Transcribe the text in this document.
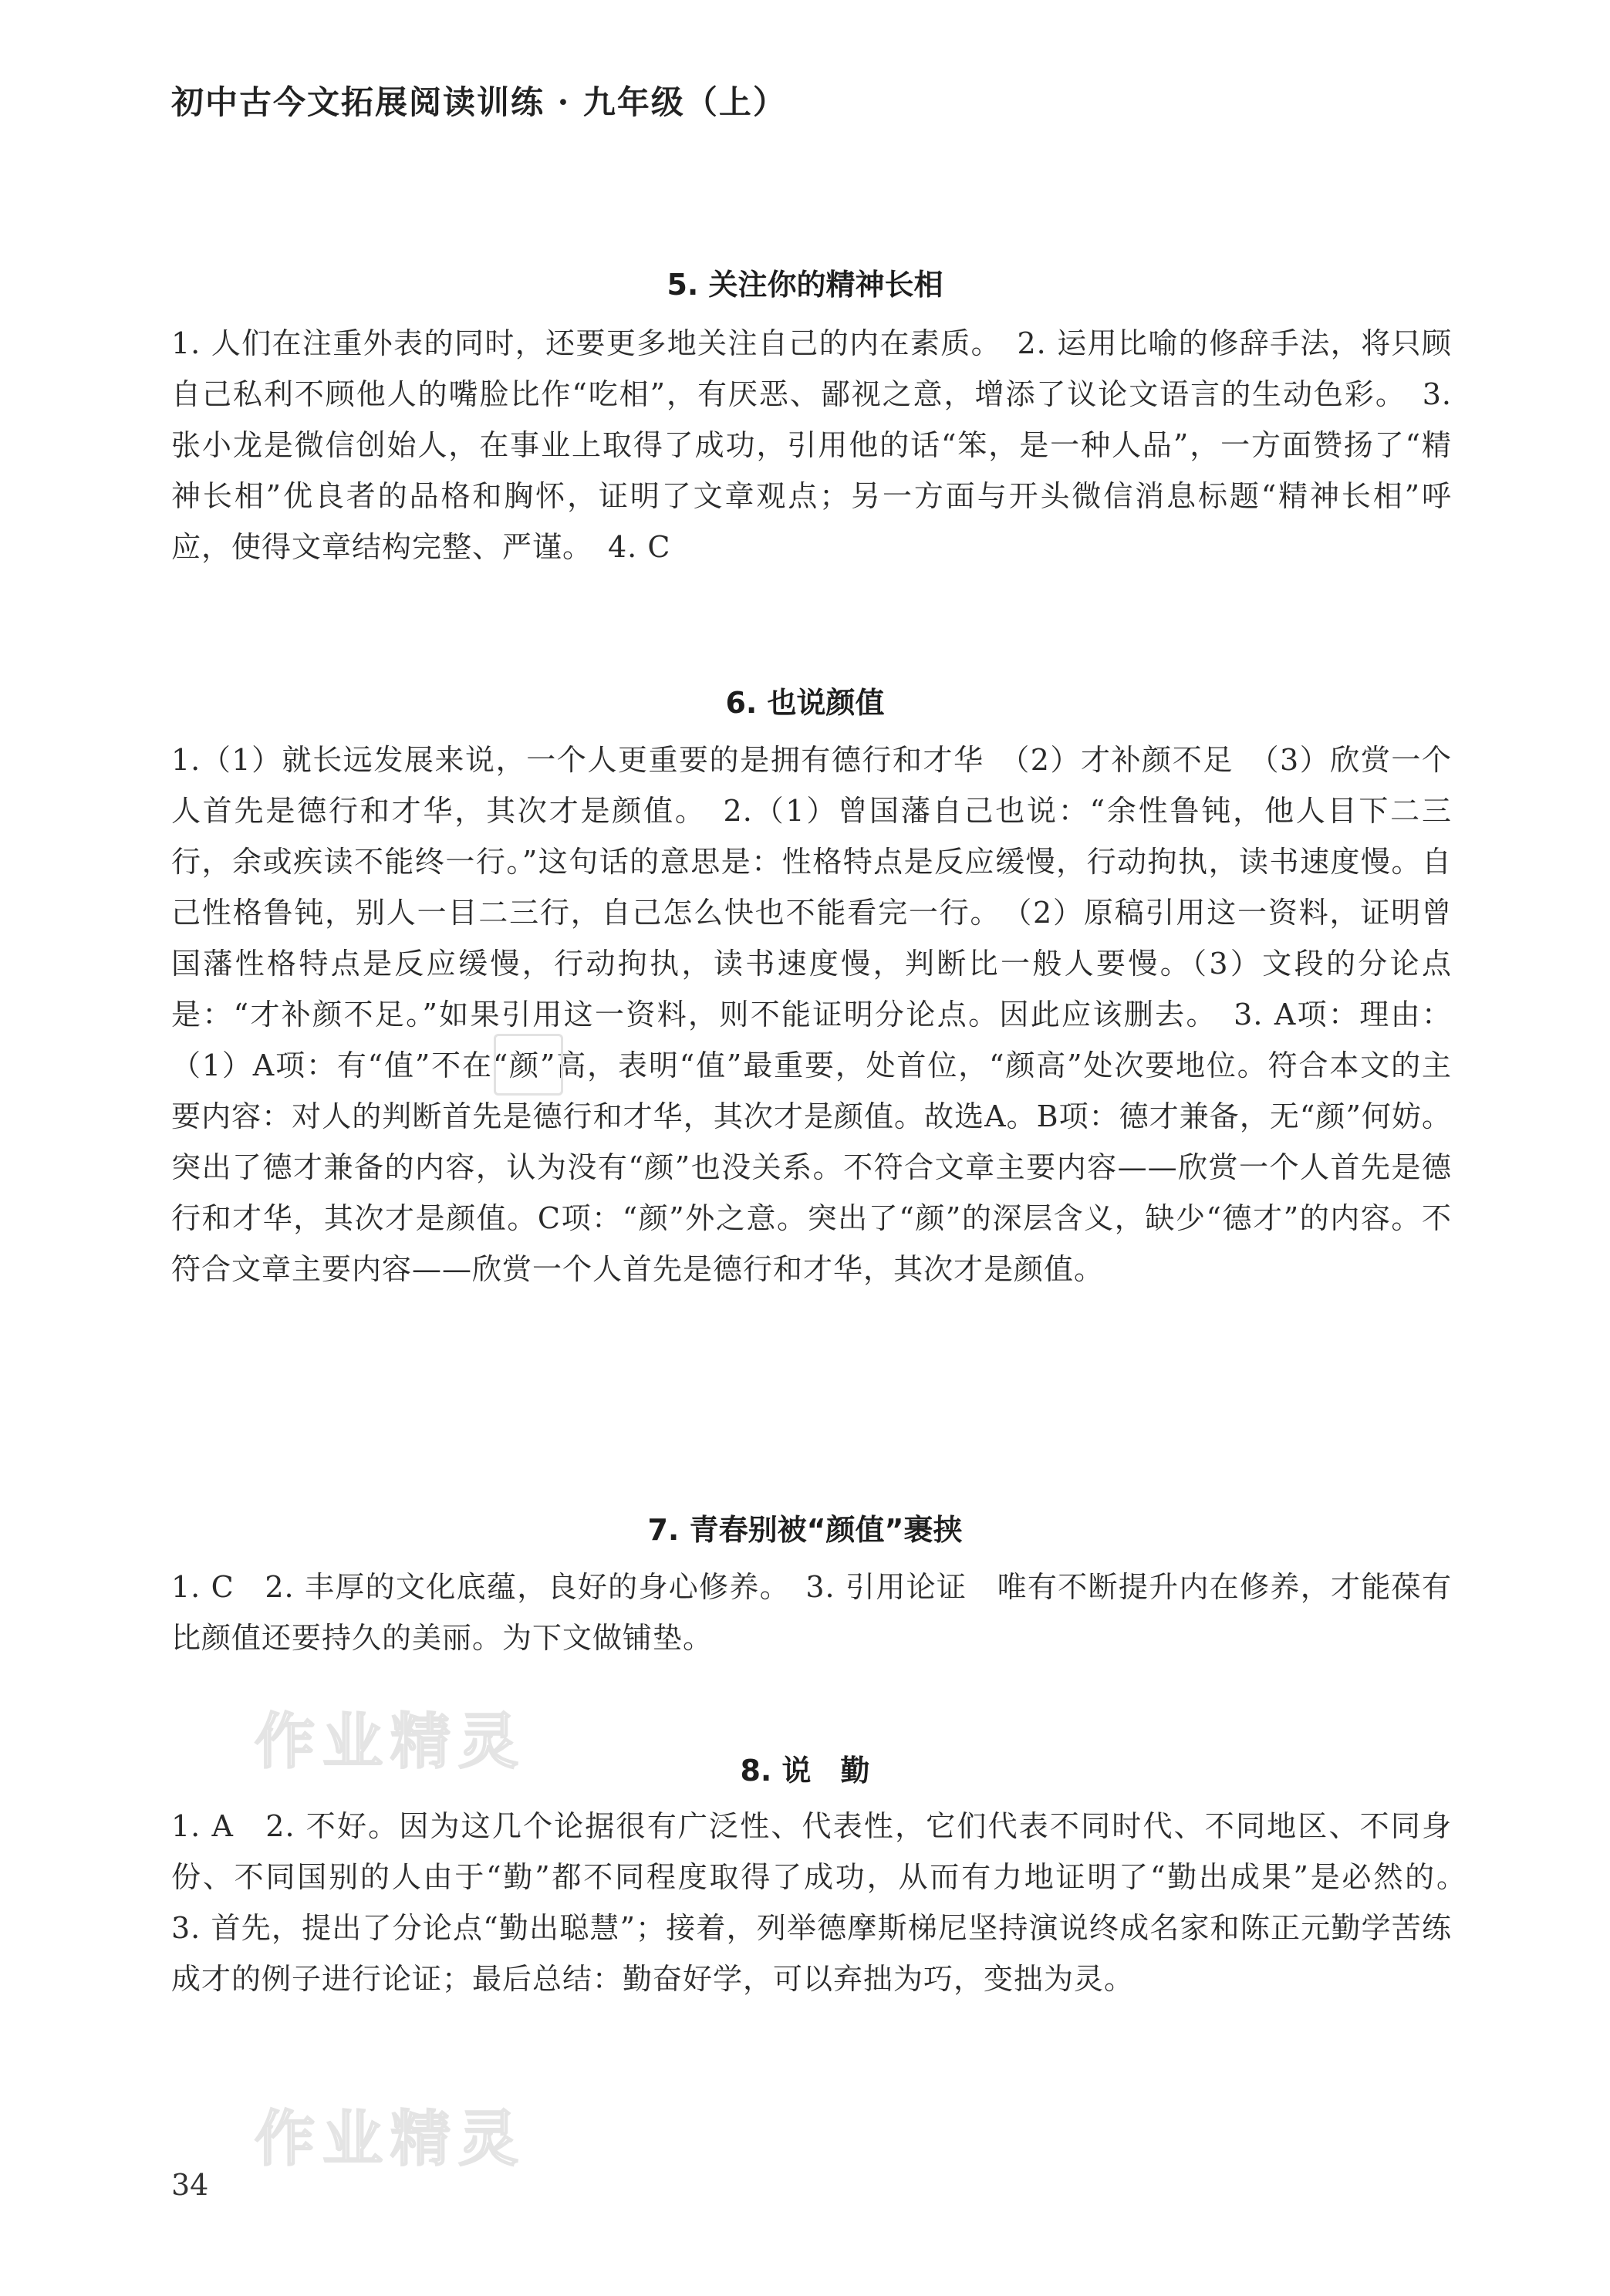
初中古今文拓展阅读训练 · 九年级（上）
5. 关注你的精神长相
1. 人们在注重外表的同时，还要更多地关注自己的内在素质。　2. 运用比喻的修辞手法，将只顾自己私利不顾他人的嘴脸比作“吃相”，有厌恶、鄙视之意，增添了议论文语言的生动色彩。　3. 张小龙是微信创始人，在事业上取得了成功，引用他的话“笨，是一种人品”，一方面赞扬了“精神长相”优良者的品格和胸怀，证明了文章观点；另一方面与开头微信消息标题“精神长相”呼应，使得文章结构完整、严谨。　4. C
6. 也说颜值
1.（1）就长远发展来说，一个人更重要的是拥有德行和才华　（2）才补颜不足　（3）欣赏一个人首先是德行和才华，其次才是颜值。　2.（1）曾国藩自己也说：“余性鲁钝，他人目下二三行，余或疾读不能终一行。”这句话的意思是：性格特点是反应缓慢，行动拘执，读书速度慢。自己性格鲁钝，别人一目二三行，自己怎么快也不能看完一行。　（2）原稿引用这一资料，证明曾国藩性格特点是反应缓慢，行动拘执，读书速度慢，判断比一般人要慢。（3）文段的分论点是：“才补颜不足。”如果引用这一资料，则不能证明分论点。因此应该删去。　3. A项：理由：（1）A项：有“值”不在“颜”高，表明“值”最重要，处首位，“颜高”处次要地位。符合本文的主要内容：对人的判断首先是德行和才华，其次才是颜值。故选A。B项：德才兼备，无“颜”何妨。突出了德才兼备的内容，认为没有“颜”也没关系。不符合文章主要内容——欣赏一个人首先是德行和才华，其次才是颜值。C项：“颜”外之意。突出了“颜”的深层含义，缺少“德才”的内容。不符合文章主要内容——欣赏一个人首先是德行和才华，其次才是颜值。
7. 青春别被“颜值”裹挟
1. C　2. 丰厚的文化底蕴，良好的身心修养。　3. 引用论证　唯有不断提升内在修养，才能葆有比颜值还要持久的美丽。为下文做铺垫。
8. 说　勤
1. A　2. 不好。因为这几个论据很有广泛性、代表性，它们代表不同时代、不同地区、不同身份、不同国别的人由于“勤”都不同程度取得了成功，从而有力地证明了“勤出成果”是必然的。　3. 首先，提出了分论点“勤出聪慧”；接着，列举德摩斯梯尼坚持演说终成名家和陈正元勤学苦练成才的例子进行论证；最后总结：勤奋好学，可以弃拙为巧，变拙为灵。
作业精灵
作业精灵
34
